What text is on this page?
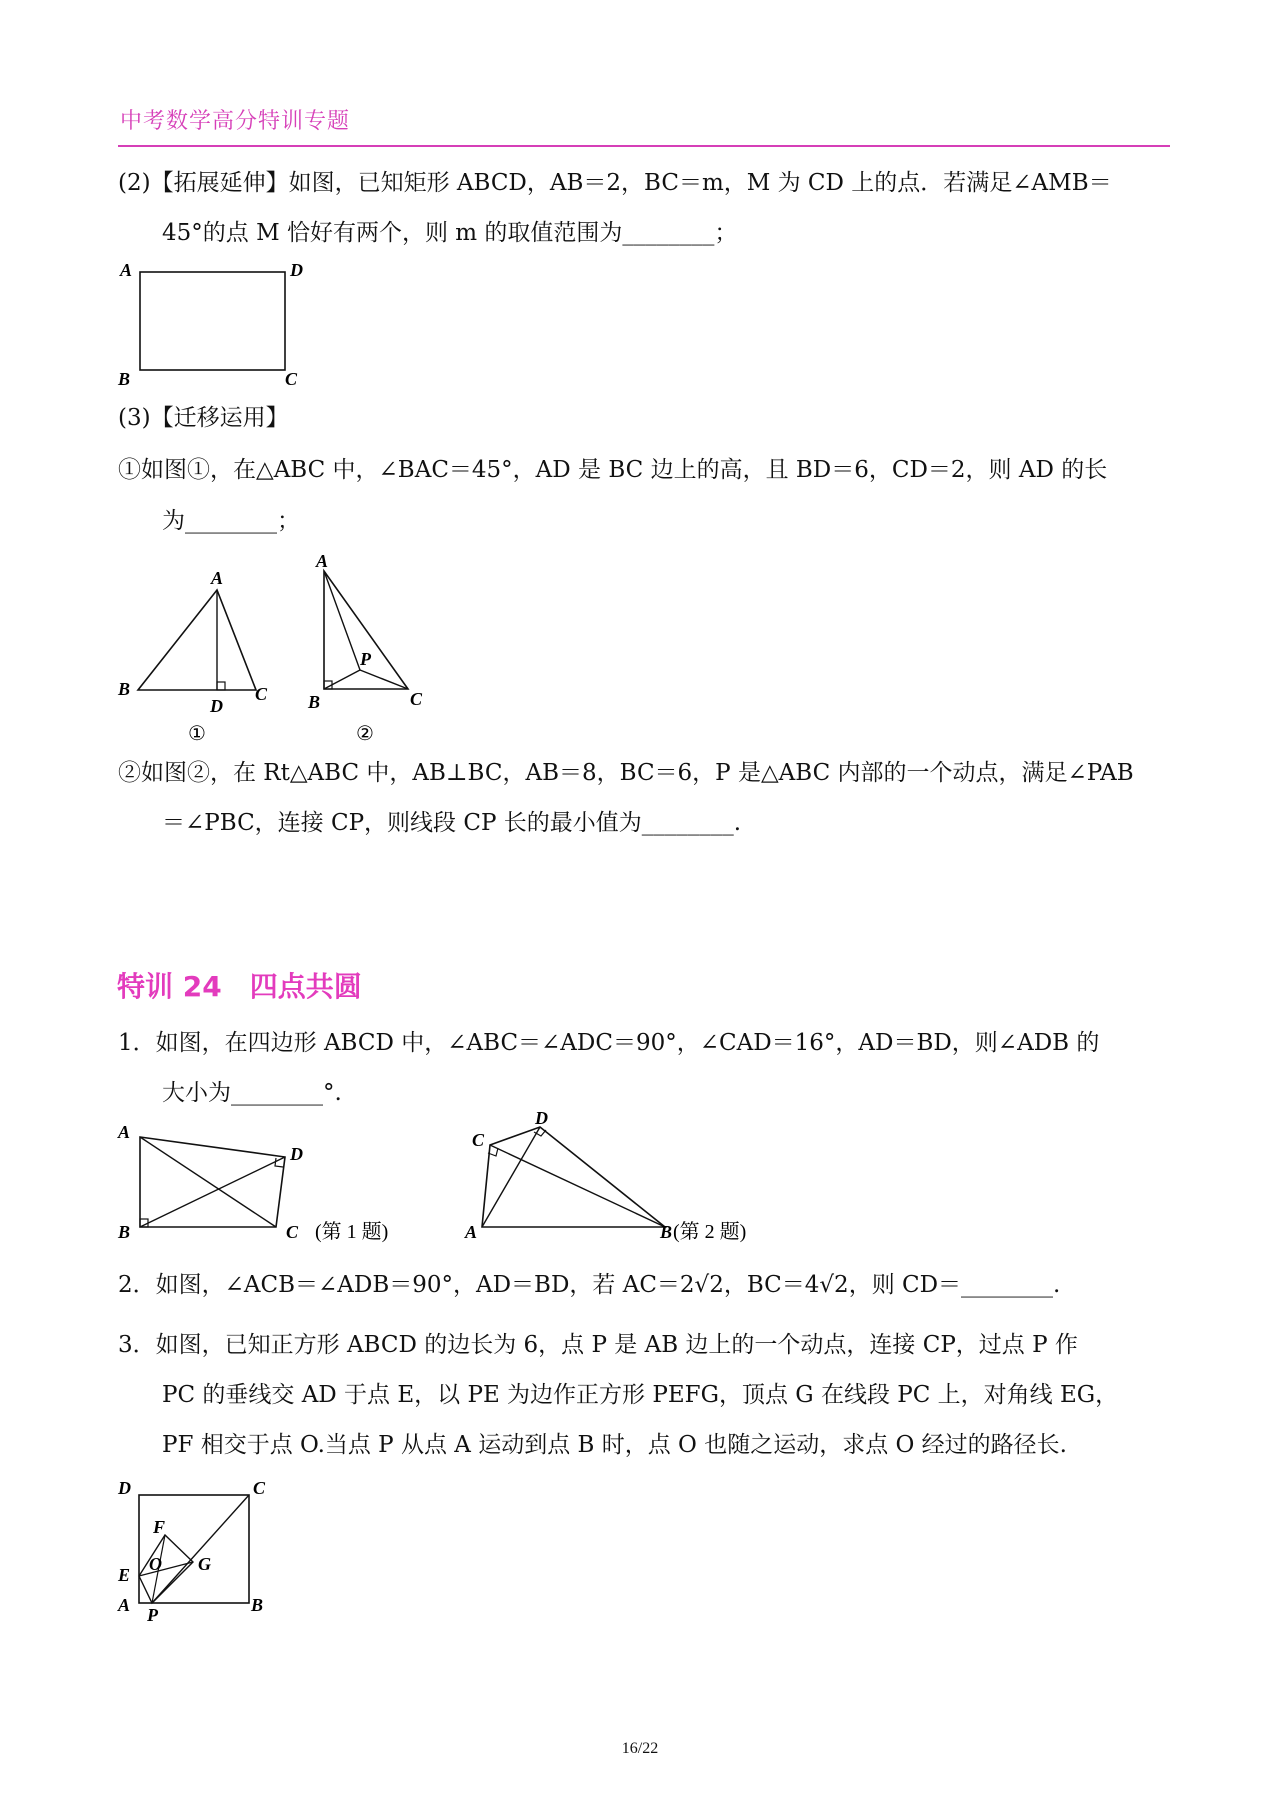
中考数学高分特训专题
(2)【拓展延伸】如图，已知矩形 ABCD，AB＝2，BC＝m，M 为 CD 上的点．若满足∠AMB＝
45°的点 M 恰好有两个，则 m 的取值范围为________；
A	D
B	C
(3)【迁移运用】
①如图①，在△ABC 中，∠BAC＝45°，AD 是 BC 边上的高，且 BD＝6，CD＝2，则 AD 的长
为________；
A
B
D
C
①
A
P
B	C
②
②如图②，在 Rt△ABC 中，AB⊥BC，AB＝8，BC＝6，P 是△ABC 内部的一个动点，满足∠PAB
＝∠PBC，连接 CP，则线段 CP 长的最小值为________.
特训 24　四点共圆
1．如图，在四边形 ABCD 中，∠ABC＝∠ADC＝90°，∠CAD＝16°，AD＝BD，则∠ADB 的
大小为________°.
A
D
B	C (第 1 题)
D
C
A	B (第 2 题)
2．如图，∠ACB＝∠ADB＝90°，AD＝BD，若 AC＝2√2，BC＝4√2，则 CD＝________.
3．如图，已知正方形 ABCD 的边长为 6，点 P 是 AB 边上的一个动点，连接 CP，过点 P 作
PC 的垂线交 AD 于点 E，以 PE 为边作正方形 PEFG，顶点 G 在线段 PC 上，对角线 EG，
PF 相交于点 O.当点 P 从点 A 运动到点 B 时，点 O 也随之运动，求点 O 经过的路径长.
D	C
F
O G
E
A P	B
16/22
